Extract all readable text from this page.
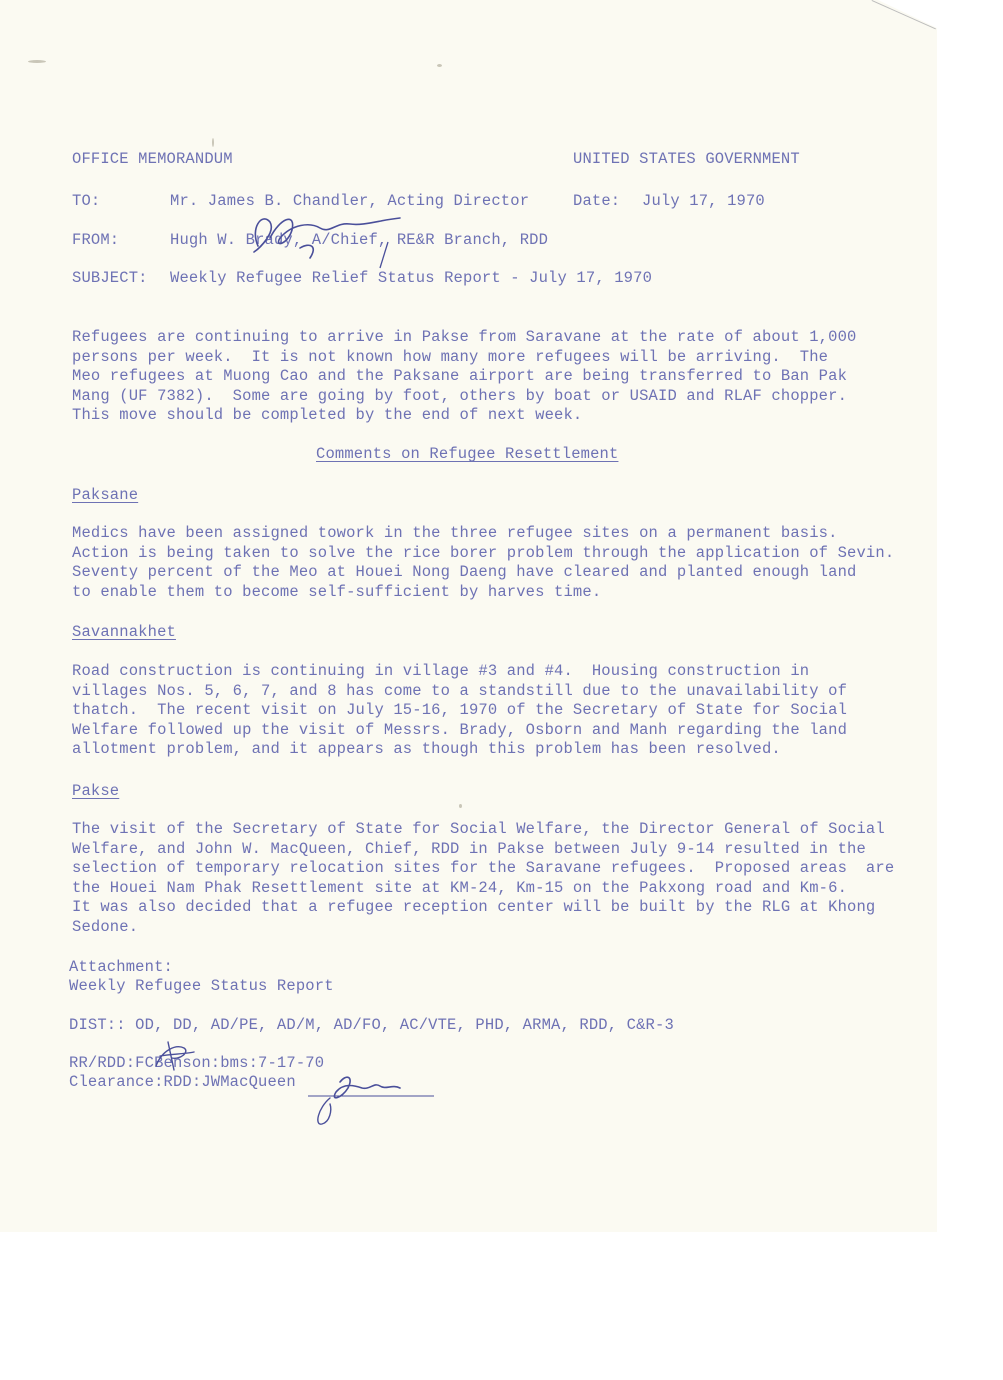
OFFICE MEMORANDUM	UNITED STATES GOVERNMENT
TO:	Mr. James B. Chandler, Acting Director	Date: July 17, 1970
FROM:	Hugh W. Brady, A/Chief, RE&R Branch, RDD
SUBJECT: Weekly Refugee Relief Status Report - July 17, 1970
Refugees are continuing to arrive in Pakse from Saravane at the rate of about 1,000
persons per week.  It is not known how many more refugees will be arriving.  The
Meo refugees at Muong Cao and the Paksane airport are being transferred to Ban Pak
Mang (UF 7382).  Some are going by foot, others by boat or USAID and RLAF chopper.
This move should be completed by the end of next week.
Comments on Refugee Resettlement
Paksane
Medics have been assigned towork in the three refugee sites on a permanent basis.
Action is being taken to solve the rice borer problem through the application of Sevin.
Seventy percent of the Meo at Houei Nong Daeng have cleared and planted enough land
to enable them to become self-sufficient by harves time.
Savannakhet
Road construction is continuing in village #3 and #4.  Housing construction in
villages Nos. 5, 6, 7, and 8 has come to a standstill due to the unavailability of
thatch.  The recent visit on July 15-16, 1970 of the Secretary of State for Social
Welfare followed up the visit of Messrs. Brady, Osborn and Manh regarding the land
allotment problem, and it appears as though this problem has been resolved.
Pakse
The visit of the Secretary of State for Social Welfare, the Director General of Social
Welfare, and John W. MacQueen, Chief, RDD in Pakse between July 9-14 resulted in the
selection of temporary relocation sites for the Saravane refugees.  Proposed areas  are
the Houei Nam Phak Resettlement site at KM-24, Km-15 on the Pakxong road and Km-6.
It was also decided that a refugee reception center will be built by the RLG at Khong
Sedone.
Attachment:
Weekly Refugee Status Report
DIST:: OD, DD, AD/PE, AD/M, AD/FO, AC/VTE, PHD, ARMA, RDD, C&R-3
RR/RDD:FCBenson:bms:7-17-70
Clearance:RDD:JWMacQueen
